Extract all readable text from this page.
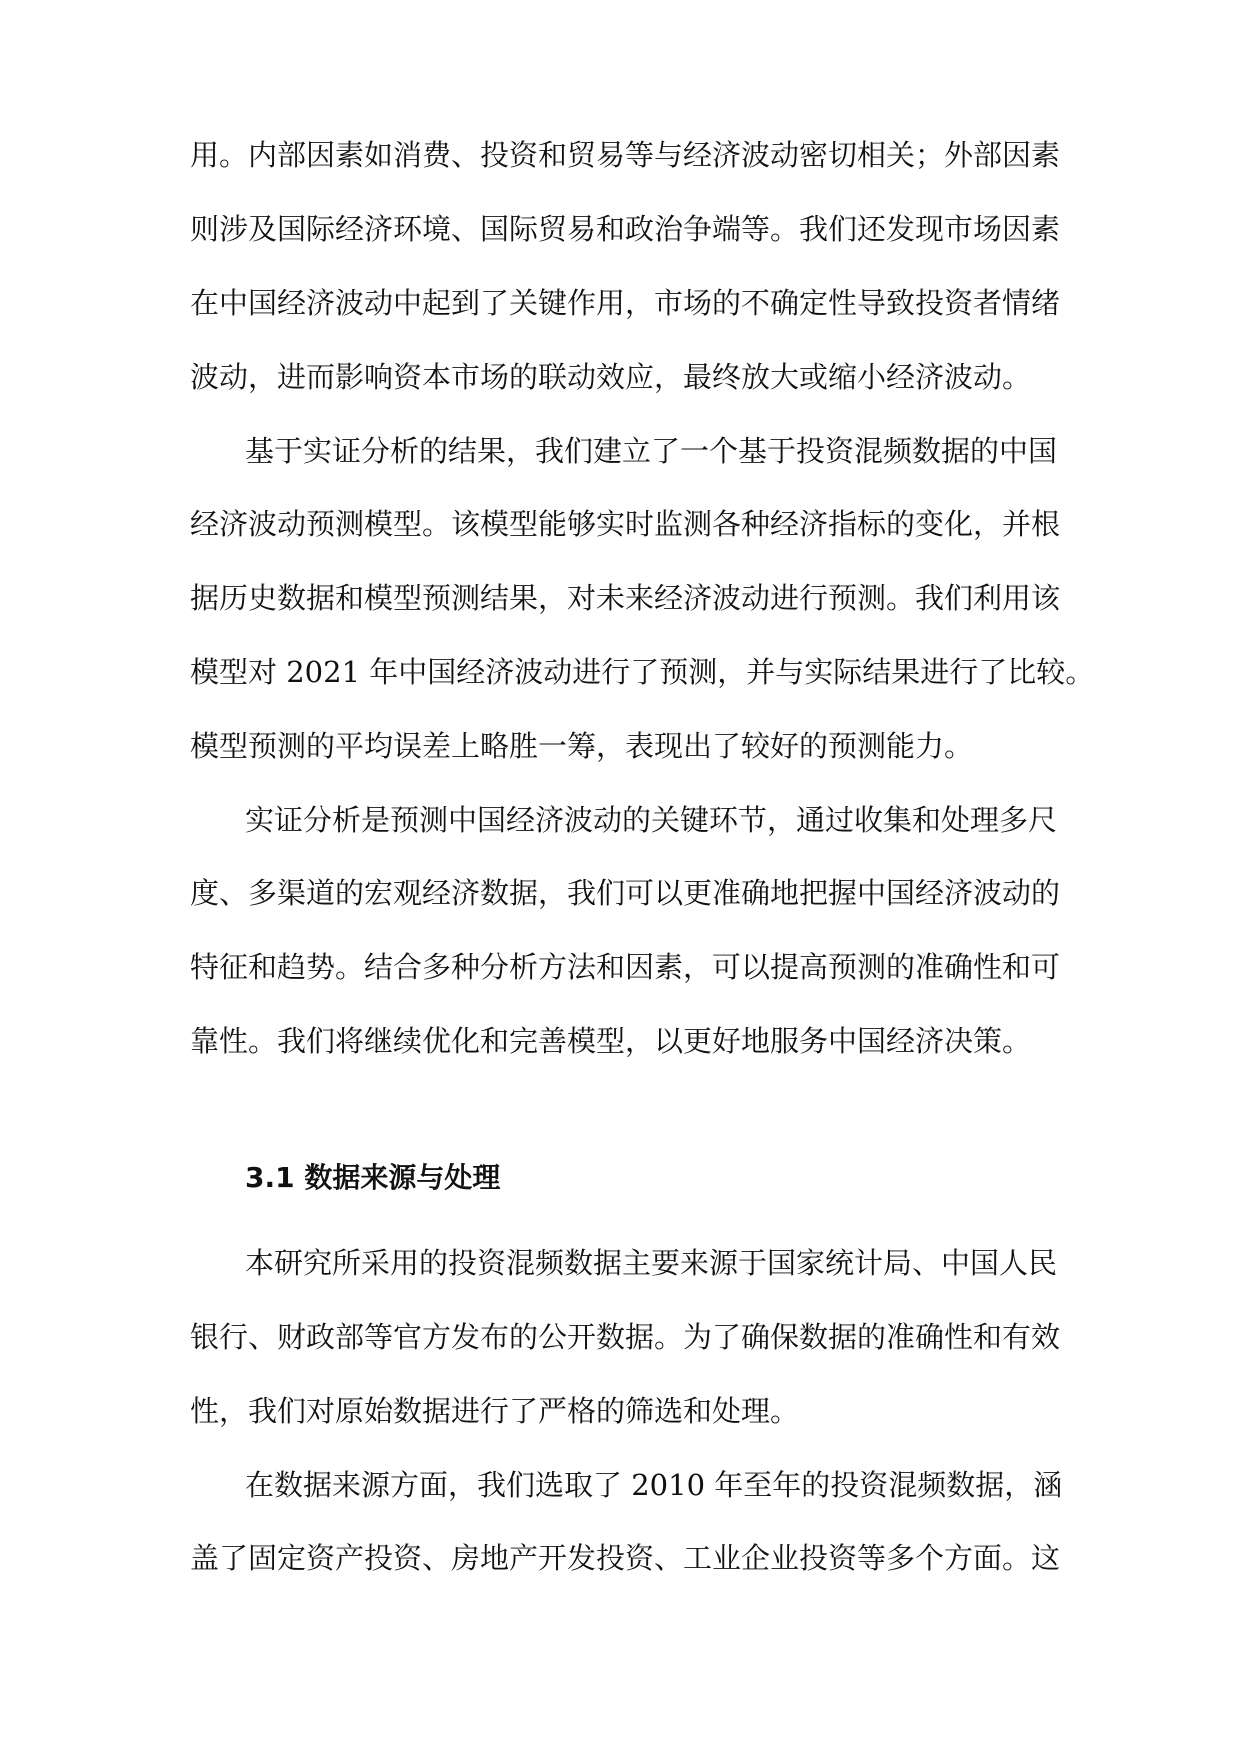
用。内部因素如消费、投资和贸易等与经济波动密切相关；外部因素
则涉及国际经济环境、国际贸易和政治争端等。我们还发现市场因素
在中国经济波动中起到了关键作用，市场的不确定性导致投资者情绪
波动，进而影响资本市场的联动效应，最终放大或缩小经济波动。
基于实证分析的结果，我们建立了一个基于投资混频数据的中国
经济波动预测模型。该模型能够实时监测各种经济指标的变化，并根
据历史数据和模型预测结果，对未来经济波动进行预测。我们利用该
模型对 2021 年中国经济波动进行了预测，并与实际结果进行了比较。
模型预测的平均误差上略胜一筹，表现出了较好的预测能力。
实证分析是预测中国经济波动的关键环节，通过收集和处理多尺
度、多渠道的宏观经济数据，我们可以更准确地把握中国经济波动的
特征和趋势。结合多种分析方法和因素，可以提高预测的准确性和可
靠性。我们将继续优化和完善模型，以更好地服务中国经济决策。
3.1 数据来源与处理
本研究所采用的投资混频数据主要来源于国家统计局、中国人民
银行、财政部等官方发布的公开数据。为了确保数据的准确性和有效
性，我们对原始数据进行了严格的筛选和处理。
在数据来源方面，我们选取了 2010 年至年的投资混频数据，涵
盖了固定资产投资、房地产开发投资、工业企业投资等多个方面。这
